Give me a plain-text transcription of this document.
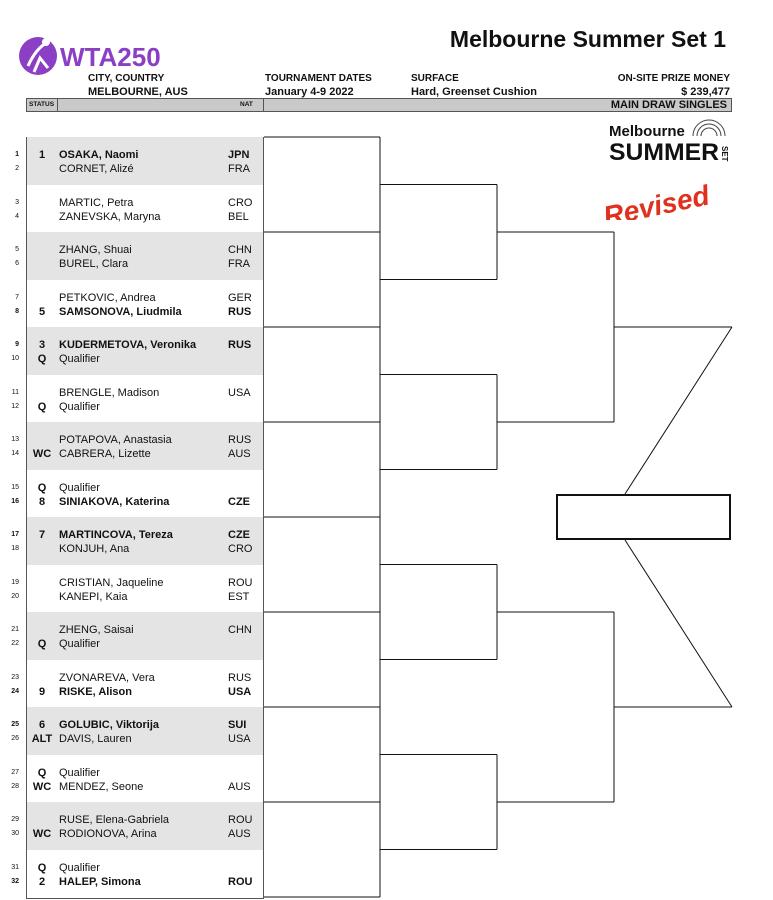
WTA250
Melbourne Summer Set 1
CITY, COUNTRY
MELBOURNE, AUS
TOURNAMENT DATES
January 4-9 2022
SURFACE
Hard, Greenset Cushion
ON-SITE PRIZE MONEY
$ 239,477
STATUS	NAT	MAIN DRAW SINGLES
1	1	OSAKA, Naomi	JPN
2	CORNET, Alizé	FRA
3	MARTIC, Petra	CRO
4	ZANEVSKA, Maryna	BEL
5	ZHANG, Shuai	CHN
6	BUREL, Clara	FRA
7	PETKOVIC, Andrea	GER
8	5	SAMSONOVA, Liudmila	RUS
9	3	KUDERMETOVA, Veronika	RUS
10	Q	Qualifier
11	BRENGLE, Madison	USA
12	Q	Qualifier
13	POTAPOVA, Anastasia	RUS
14	WC CABRERA, Lizette	AUS
15	Q	Qualifier
16	8	SINIAKOVA, Katerina	CZE
17	7	MARTINCOVA, Tereza	CZE
18	KONJUH, Ana	CRO
19	CRISTIAN, Jaqueline	ROU
20	KANEPI, Kaia	EST
21	ZHENG, Saisai	CHN
22	Q	Qualifier
23	ZVONAREVA, Vera	RUS
24	9	RISKE, Alison	USA
25	6	GOLUBIC, Viktorija	SUI
26 ALT DAVIS, Lauren	USA
27	Q	Qualifier
28	WC MENDEZ, Seone	AUS
29	RUSE, Elena-Gabriela	ROU
30	WC RODIONOVA, Arina	AUS
31	Q	Qualifier
32	2	HALEP, Simona	ROU
Melbourne
SUMMER SET
Revised
